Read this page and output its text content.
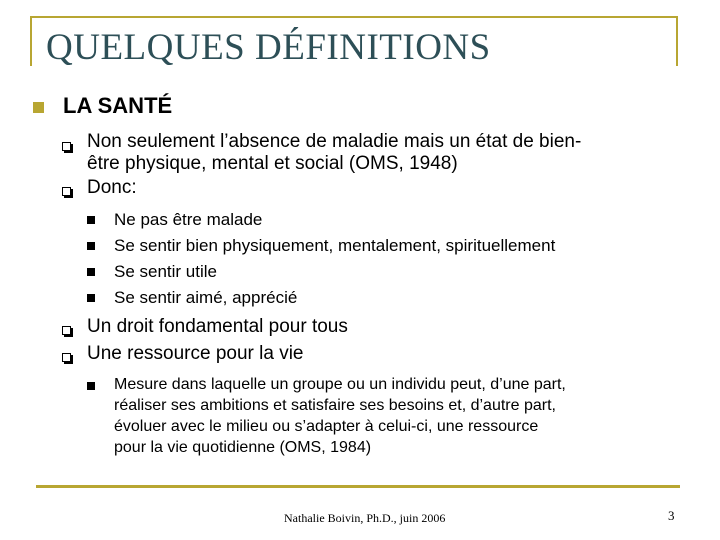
QUELQUES DÉFINITIONS
LA SANTÉ
Non seulement l’absence de maladie mais un état de bien-
être physique, mental et social (OMS, 1948)
Donc:
Ne pas être malade
Se sentir bien physiquement, mentalement, spirituellement
Se sentir utile
Se sentir aimé, apprécié
Un droit fondamental pour tous
Une ressource pour la vie
Mesure dans laquelle un groupe ou un individu peut, d’une part,
réaliser ses ambitions et satisfaire ses besoins et, d’autre part,
évoluer avec le milieu ou s’adapter à celui-ci, une ressource
pour la vie quotidienne (OMS, 1984)
Nathalie Boivin, Ph.D., juin 2006	3
